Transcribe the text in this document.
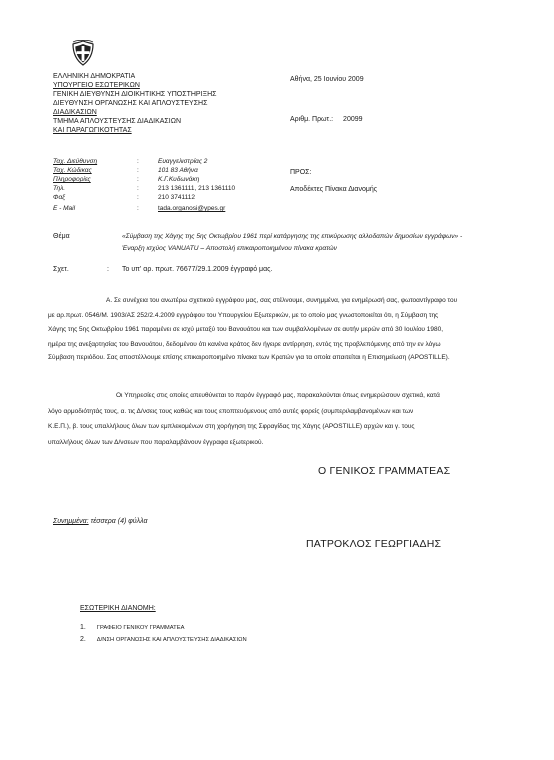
ΕΛΛΗΝΙΚΗ ΔΗΜΟΚΡΑΤΙΑ
ΥΠΟΥΡΓΕΙΟ ΕΣΩΤΕΡΙΚΩΝ
ΓΕΝΙΚΗ ΔΙΕΥΘΥΝΣΗ ΔΙΟΙΚΗΤΙΚΗΣ ΥΠΟΣΤΗΡΙΞΗΣ
ΔΙΕΥΘΥΝΣΗ ΟΡΓΑΝΩΣΗΣ ΚΑΙ ΑΠΛΟΥΣΤΕΥΣΗΣ
ΔΙΑΔΙΚΑΣΙΩΝ
ΤΜΗΜΑ ΑΠΛΟΥΣΤΕΥΣΗΣ ΔΙΑΔΙΚΑΣΙΩΝ
ΚΑΙ ΠΑΡΑΓΩΓΙΚΟΤΗΤΑΣ
Αθήνα, 25 Ιουνίου 2009
Αριθμ. Πρωτ.: 20099
Ταχ. Διεύθυνση	:	Ευαγγελιστρίας 2
Ταχ. Κώδικας	:	101 83 Αθήνα
Πληροφορίες	:	Κ.Γ.Κυδωνάκη
Τηλ.	:	213 1361111, 213 1361110
Φαξ	:	210 3741112
E - Mail	:	tada.organosi@ypes.gr
ΠΡΟΣ:
Αποδέκτες Πίνακα Διανομής
Θέμα	«Σύμβαση της Χάγης της 5ης Οκτωβρίου 1961 περί κατάργησης της επικύρωσης αλλοδαπών δημοσίων εγγράφων» -
Έναρξη ισχύος VANUATU – Αποστολή επικαιροποιημένου πίνακα κρατών
Σχετ.	: Το υπ' αρ. πρωτ. 76677/29.1.2009 έγγραφό μας.
Α. Σε συνέχεια του ανωτέρω σχετικού εγγράφου μας, σας στέλνουμε, συνημμένα, για ενημέρωσή σας, φωτοαντίγραφο του
με αρ.πρωτ. 0546/Μ. 1903/ΑΣ 252/2.4.2009 εγγράφου του Υπουργείου Εξωτερικών, με το οποίο μας γνωστοποιείται ότι, η Σύμβαση της
Χάγης της 5ης Οκτωβρίου 1961 παραμένει σε ισχύ μεταξύ του Βανουάτου και των συμβαλλομένων σε αυτήν μερών από 30 Ιουλίου 1980,
ημέρα της ανεξαρτησίας του Βανουάτου, δεδομένου ότι κανένα κράτος δεν ήγειρε αντίρρηση, εντός της προβλεπόμενης από την εν λόγω
Σύμβαση περιόδου. Σας αποστέλλουμε επίσης επικαιροποιημένο πίνακα των Κρατών για τα οποία απαιτείται η Επισημείωση (APOSTILLE).
Οι Υπηρεσίες στις οποίες απευθύνεται το παρόν έγγραφό μας, παρακαλούνται όπως ενημερώσουν σχετικά, κατά
λόγο αρμοδιότητάς τους, α. τις Δ/νσεις τους καθώς και τους εποπτευόμενους από αυτές φορείς (συμπεριλαμβανομένων και των
Κ.Ε.Π.), β. τους υπαλλήλους όλων των εμπλεκομένων στη χορήγηση της Σφραγίδας της Χάγης (APOSTILLE) αρχών και γ. τους
υπαλλήλους όλων των Δ/νσεων που παραλαμβάνουν έγγραφα εξωτερικού.
Ο ΓΕΝΙΚΟΣ ΓΡΑΜΜΑΤΕΑΣ
Συνημμένα: τέσσερα (4) φύλλα
ΠΑΤΡΟΚΛΟΣ ΓΕΩΡΓΙΑΔΗΣ
ΕΣΩΤΕΡΙΚΗ ΔΙΑΝΟΜΗ:
1. ΓΡΑΦΕΙΟ ΓΕΝΙΚΟΥ ΓΡΑΜΜΑΤΕΑ
2. Δ/ΝΣΗ ΟΡΓΑΝΩΣΗΣ ΚΑΙ ΑΠΛΟΥΣΤΕΥΣΗΣ ΔΙΑΔΙΚΑΣΙΩΝ
